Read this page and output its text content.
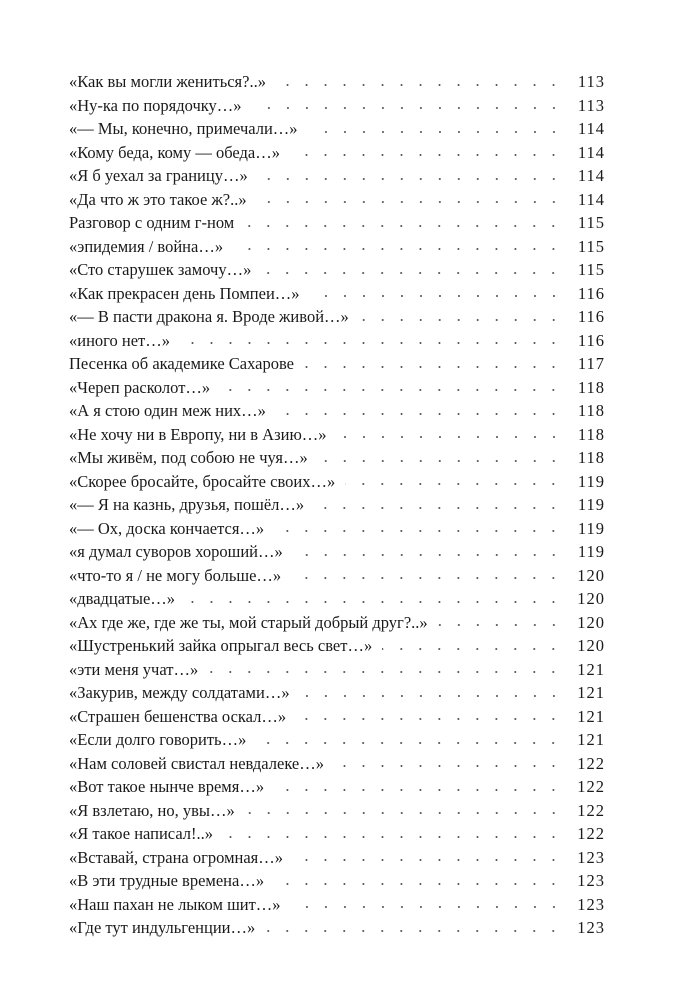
«Как вы могли жениться?..»	113
«Ну-ка по порядочку…»	113
«— Мы, конечно, примечали…»	114
«Кому беда, кому — обеда…»	114
«Я б уехал за границу…»	114
«Да что ж это такое ж?..»	114
Разговор с одним г-ном	115
«эпидемия / война…»	115
«Сто старушек замочу…»	115
«Как прекрасен день Помпеи…»	116
«— В пасти дракона я. Вроде живой…»	116
«иного нет…»	116
Песенка об академике Сахарове	117
«Череп расколот…»	118
«А я стою один меж них…»	118
«Не хочу ни в Европу, ни в Азию…»	118
«Мы живём, под собою не чуя…»	118
«Скорее бросайте, бросайте своих…»	119
«— Я на казнь, друзья, пошёл…»	119
«— Ох, доска кончается…»	119
«я думал суворов хороший…»	119
«что-то я / не могу больше…»	120
«двадцатые…»	120
«Ах где же, где же ты, мой старый добрый друг?..»	120
«Шустренький зайка опрыгал весь свет…»	120
«эти меня учат…»	121
«Закурив, между солдатами…»	121
«Страшен бешенства оскал…»	121
«Если долго говорить…»	121
«Нам соловей свистал невдалеке…»	122
«Вот такое нынче время…»	122
«Я взлетаю, но, увы…»	122
«Я такое написал!..»	122
«Вставай, страна огромная…»	123
«В эти трудные времена…»	123
«Наш пахан не лыком шит…»	123
«Где тут индульгенции…»	123
